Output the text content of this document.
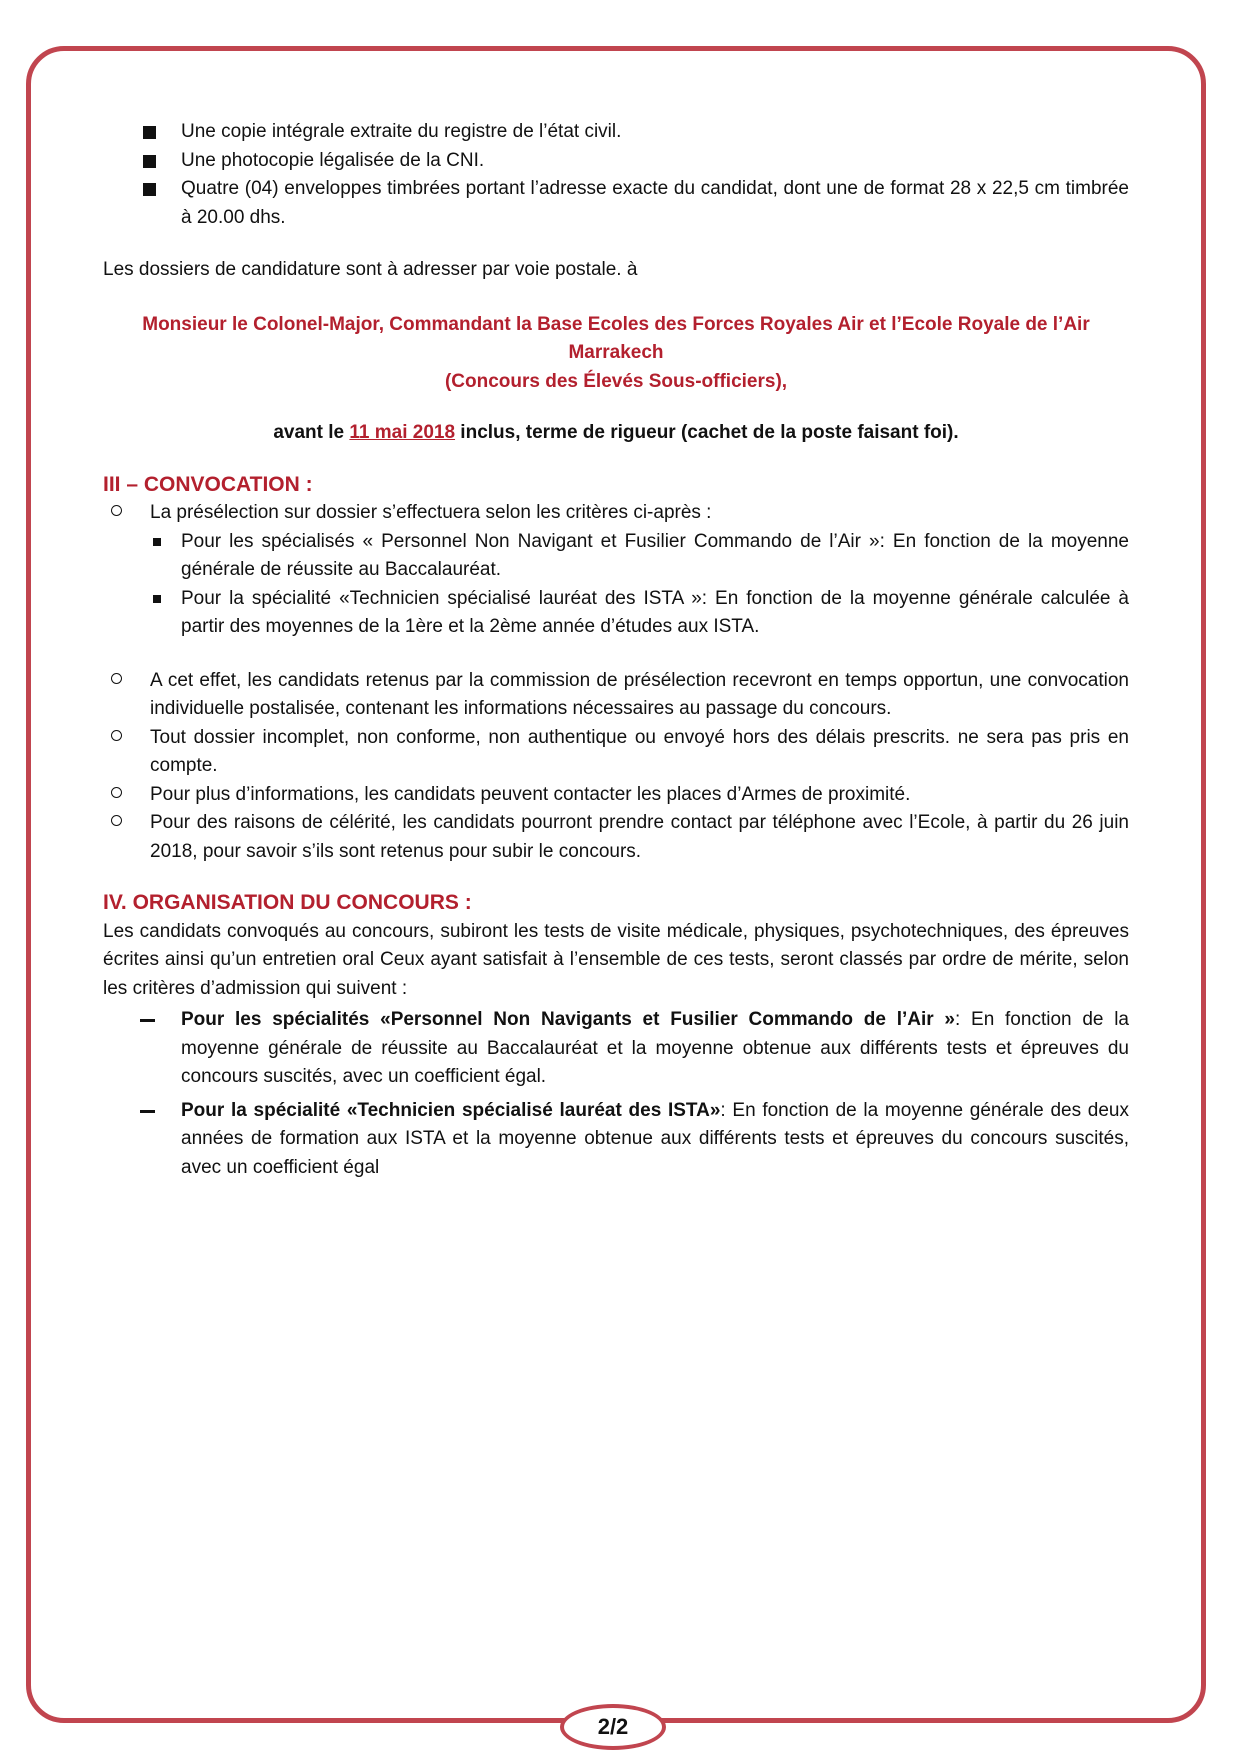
Une copie intégrale extraite du registre de l’état civil.
Une photocopie légalisée de la CNI.
Quatre (04) enveloppes timbrées portant l’adresse exacte du candidat, dont une de format 28 x 22,5 cm timbrée à 20.00 dhs.

Les dossiers de candidature sont à adresser par voie postale. à

Monsieur le Colonel-Major, Commandant la Base Ecoles des Forces Royales Air et l’Ecole Royale de l’Air
Marrakech
(Concours des Élevés Sous-officiers),
avant le 11 mai 2018 inclus, terme de rigueur (cachet de la poste faisant foi).
III – CONVOCATION :
La présélection sur dossier s’effectuera selon les critères ci-après :
Pour les spécialisés « Personnel Non Navigant et Fusilier Commando de l’Air »: En fonction de la moyenne générale de réussite au Baccalauréat.
Pour la spécialité «Technicien spécialisé lauréat des ISTA »: En fonction de la moyenne générale calculée à partir des moyennes de la 1ère et la 2ème année d’études aux ISTA.
A cet effet, les candidats retenus par la commission de présélection recevront en temps opportun, une convocation individuelle postalisée, contenant les informations nécessaires au passage du concours.
Tout dossier incomplet, non conforme, non authentique ou envoyé hors des délais prescrits. ne sera pas pris en compte.
Pour plus d’informations, les candidats peuvent contacter les places d’Armes de proximité.
Pour des raisons de célérité, les candidats pourront prendre contact par téléphone avec l’Ecole, à partir du 26 juin 2018, pour savoir s’ils sont retenus pour subir le concours.
IV. ORGANISATION DU CONCOURS :

Les candidats convoqués au concours, subiront les tests de visite médicale, physiques, psychotechniques, des épreuves écrites ainsi qu’un entretien oral Ceux ayant satisfait à l’ensemble de ces tests, seront classés par ordre de mérite, selon les critères d’admission qui suivent :

Pour les spécialités «Personnel Non Navigants et Fusilier Commando de l’Air »: En fonction de la moyenne générale de réussite au Baccalauréat et la moyenne obtenue aux différents tests et épreuves du concours suscités, avec un coefficient égal.
Pour la spécialité «Technicien spécialisé lauréat des ISTA»: En fonction de la moyenne générale des deux années de formation aux ISTA et la moyenne obtenue aux différents tests et épreuves du concours suscités, avec un coefficient égal
2/2
